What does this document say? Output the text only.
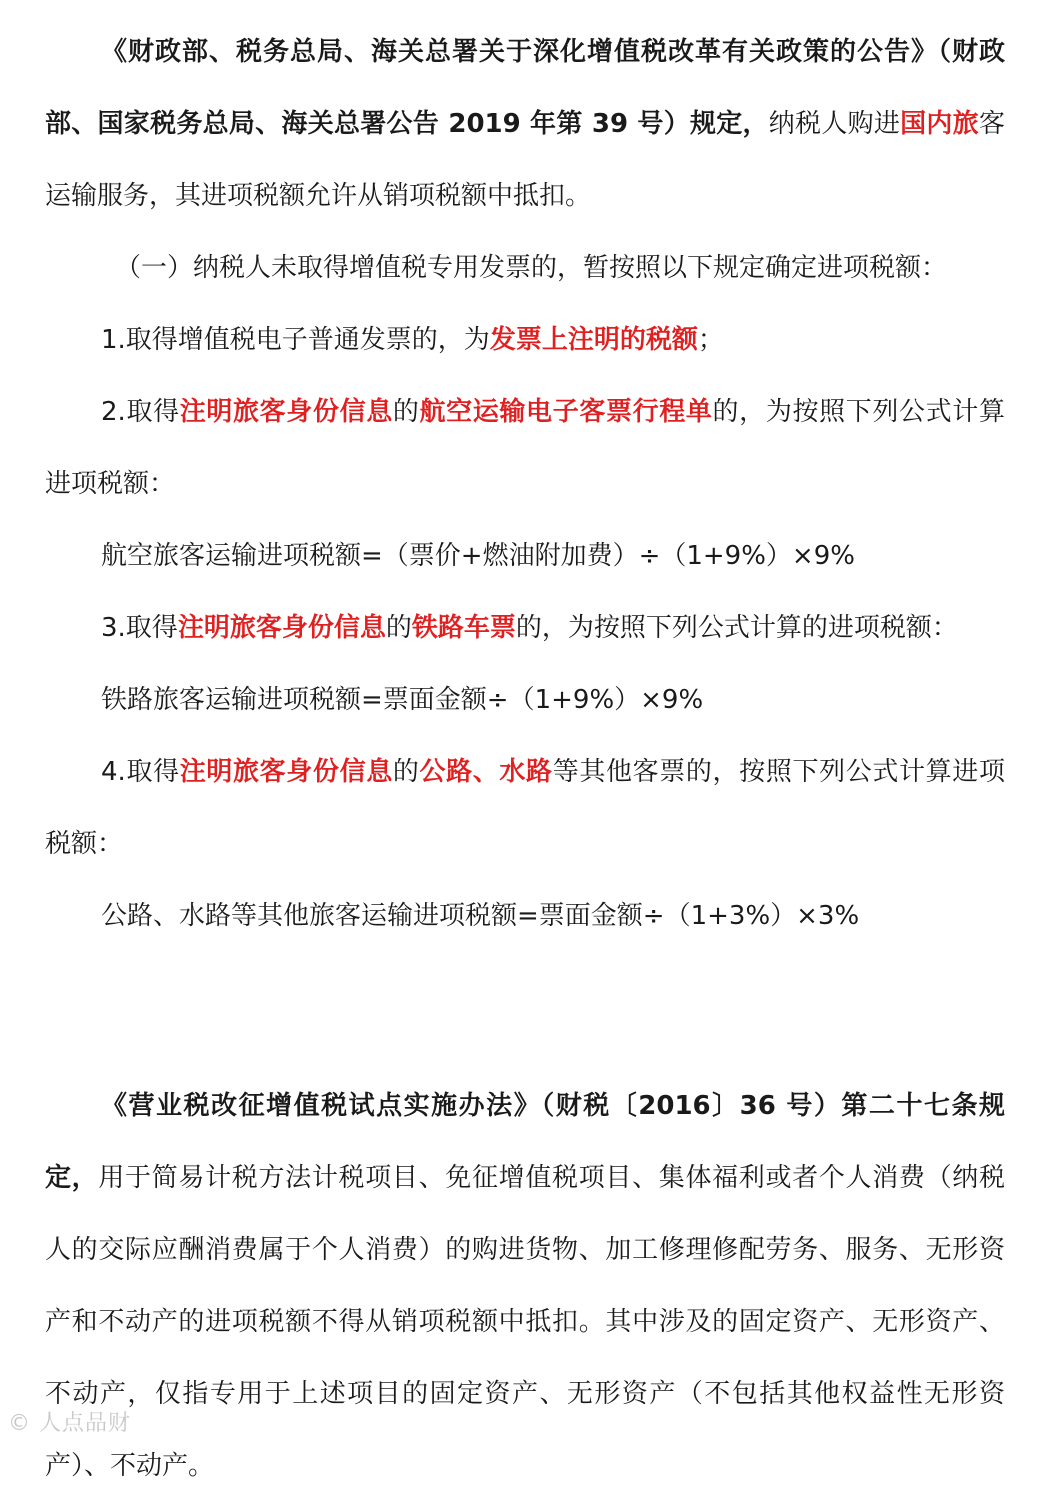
《财政部、税务总局、海关总署关于深化增值税改革有关政策的公告》（财政部、国家税务总局、海关总署公告 2019 年第 39 号）规定，纳税人购进国内旅客运输服务，其进项税额允许从销项税额中抵扣。

（一）纳税人未取得增值税专用发票的，暂按照以下规定确定进项税额：

1.取得增值税电子普通发票的，为发票上注明的税额；

2.取得注明旅客身份信息的航空运输电子客票行程单的，为按照下列公式计算进项税额：

航空旅客运输进项税额=（票价+燃油附加费）÷（1+9%）×9%

3.取得注明旅客身份信息的铁路车票的，为按照下列公式计算的进项税额：

铁路旅客运输进项税额=票面金额÷（1+9%）×9%

4.取得注明旅客身份信息的公路、水路等其他客票的，按照下列公式计算进项税额：

公路、水路等其他旅客运输进项税额=票面金额÷（1+3%）×3%

《营业税改征增值税试点实施办法》（财税〔2016〕36 号）第二十七条规定，用于简易计税方法计税项目、免征增值税项目、集体福利或者个人消费（纳税人的交际应酬消费属于个人消费）的购进货物、加工修理修配劳务、服务、无形资产和不动产的进项税额不得从销项税额中抵扣。其中涉及的固定资产、无形资产、不动产，仅指专用于上述项目的固定资产、无形资产（不包括其他权益性无形资产）、不动产。

© 人点品财
